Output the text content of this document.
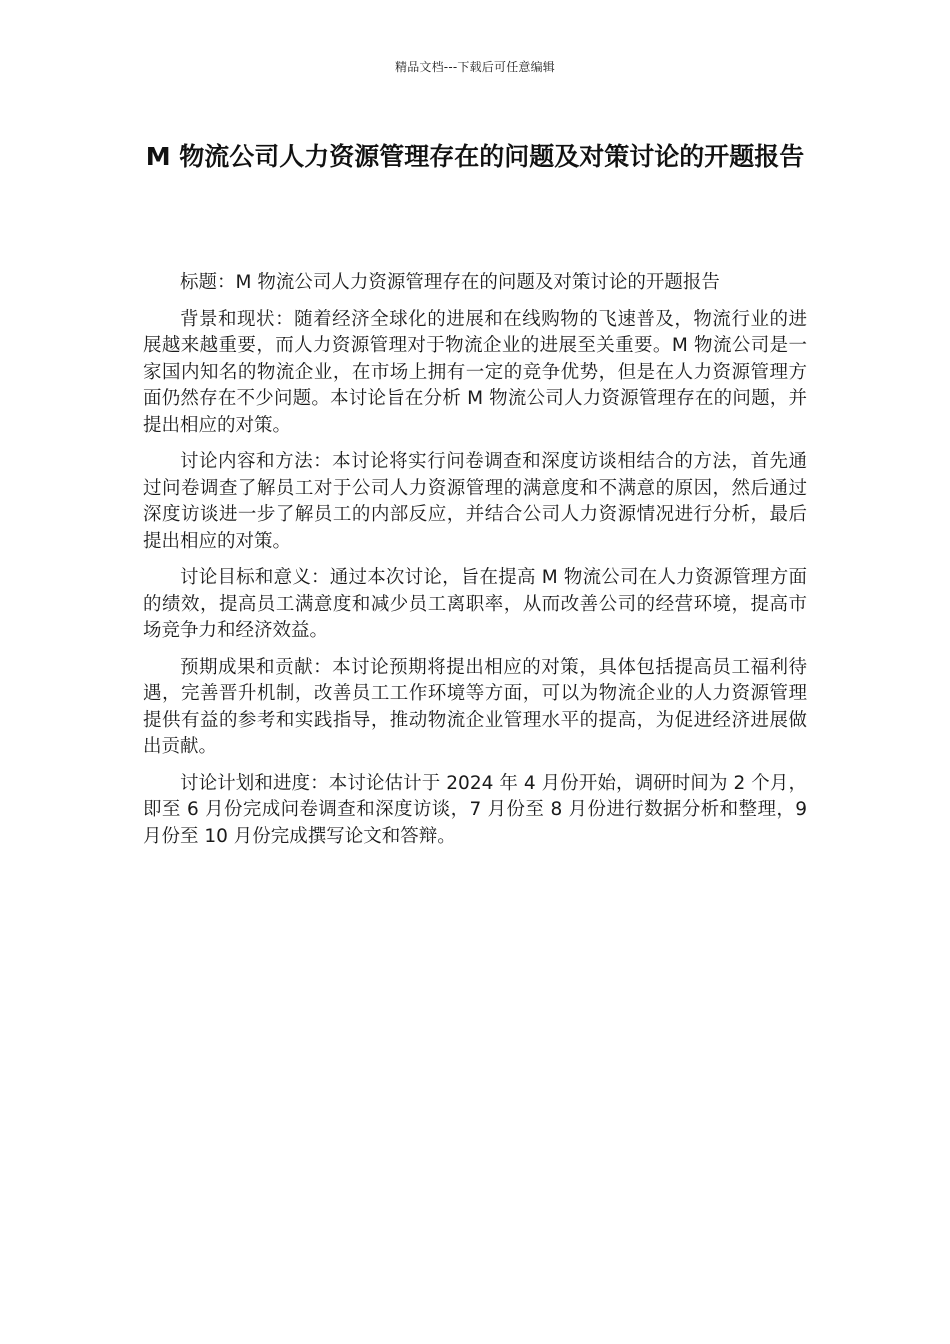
精品文档---下载后可任意编辑
M 物流公司人力资源管理存在的问题及对策讨论的开题报告

标题：M 物流公司人力资源管理存在的问题及对策讨论的开题报告

背景和现状：随着经济全球化的进展和在线购物的飞速普及，物流行业的进展越来越重要，而人力资源管理对于物流企业的进展至关重要。M 物流公司是一家国内知名的物流企业，在市场上拥有一定的竞争优势，但是在人力资源管理方面仍然存在不少问题。本讨论旨在分析 M 物流公司人力资源管理存在的问题，并提出相应的对策。

讨论内容和方法：本讨论将实行问卷调查和深度访谈相结合的方法，首先通过问卷调查了解员工对于公司人力资源管理的满意度和不满意的原因，然后通过深度访谈进一步了解员工的内部反应，并结合公司人力资源情况进行分析，最后提出相应的对策。

讨论目标和意义：通过本次讨论，旨在提高 M 物流公司在人力资源管理方面的绩效，提高员工满意度和减少员工离职率，从而改善公司的经营环境，提高市场竞争力和经济效益。

预期成果和贡献：本讨论预期将提出相应的对策，具体包括提高员工福利待遇，完善晋升机制，改善员工工作环境等方面，可以为物流企业的人力资源管理提供有益的参考和实践指导，推动物流企业管理水平的提高，为促进经济进展做出贡献。

讨论计划和进度：本讨论估计于 2024 年 4 月份开始，调研时间为 2 个月，即至 6 月份完成问卷调查和深度访谈，7 月份至 8 月份进行数据分析和整理，9 月份至 10 月份完成撰写论文和答辩。
